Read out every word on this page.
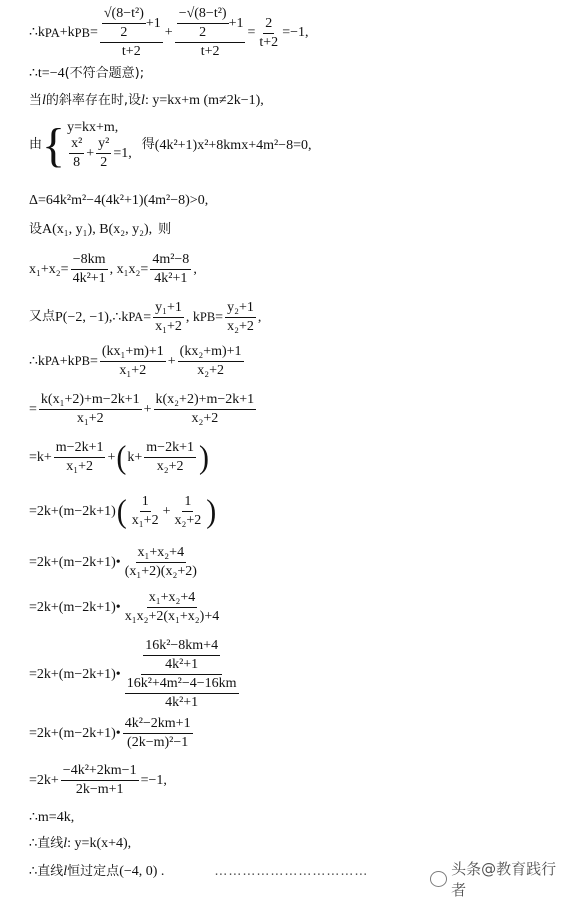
∴k PA +k PB = $\frac{\frac{\text{√(8−t²)}}{2} +1}{t+2} + \frac{\frac{\text{−√(8−t²)}}{2} +1}{t+2} = \frac{2}{t+2} =-1$,
∴t=−4 (不符合题意);
当 l 的斜率存在时,设 l : y=kx+m (m≠2k−1),
由 { y=kx+m,
$\frac{\text{x²}}{8} + \frac{\text{y²}}{2} =1$,
得 (4k²+1)x²+8kmx+4m²−8=0,
Δ=64k²m²−4(4k²+1)(4m²−8)>0,
设 A(x₁, y₁), B(x₂, y₂), 则
$x_1+x_2= \frac{-8km}{\text{4k²+1}}$ , $x_1x_2= \frac{\text{4m²−8}}{\text{4k²+1}}$ ,
又点 P(−2, −1), ∴k PA = $\frac{\text{y₁+1}}{\text{x₁+2}}$ , k PB = $\frac{\text{y₂+1}}{\text{x₂+2}}$ ,
∴k PA +k PB = $\frac{\text{(kx₁+m)+1}}{\text{x₁+2}} + \frac{\text{(kx₂+m)+1}}{\text{x₂+2}}$
= $\frac{\text{k(x₁+2)+m−2k+1}}{\text{x₁+2}} + \frac{\text{k(x₂+2)+m−2k+1}}{\text{x₂+2}}$
$=k+ \frac{m-2k+1}{\text{x₁+2}}$ + ( $k+ \frac{m-2k+1}{\text{x₂+2}}$ )
=2k+(m−2k+1) ( $\frac{1}{\text{x₁+2}} + \frac{1}{\text{x₂+2}}$ )
=2k+(m−2k+1)• $\frac{\text{x₁+x₂+4}}{\text{(x₁+2)(x₂+2)}}$
=2k+(m−2k+1)• $\frac{\text{x₁+x₂+4}}{\text{x₁x₂+2(x₁+x₂)+4}}$
=2k+(m−2k+1)• $\frac{\frac{\text{16k²−8km+4}}{\text{4k²+1}}}{\frac{\text{16k²+4m²−4−16km}}{\text{4k²+1}}}$
=2k+(m−2k+1)• $\frac{\text{4k²−2km+1}}{\text{(2k−m)²−1}}$
$=2k+ \frac{\text{−4k²+2km−1}}{2k-m+1} =-1$,
∴m=4k,
∴直线 l : y=k(x+4),
∴直线 l 恒过定点 (−4, 0) .	……………………………	头条@教育践行者
